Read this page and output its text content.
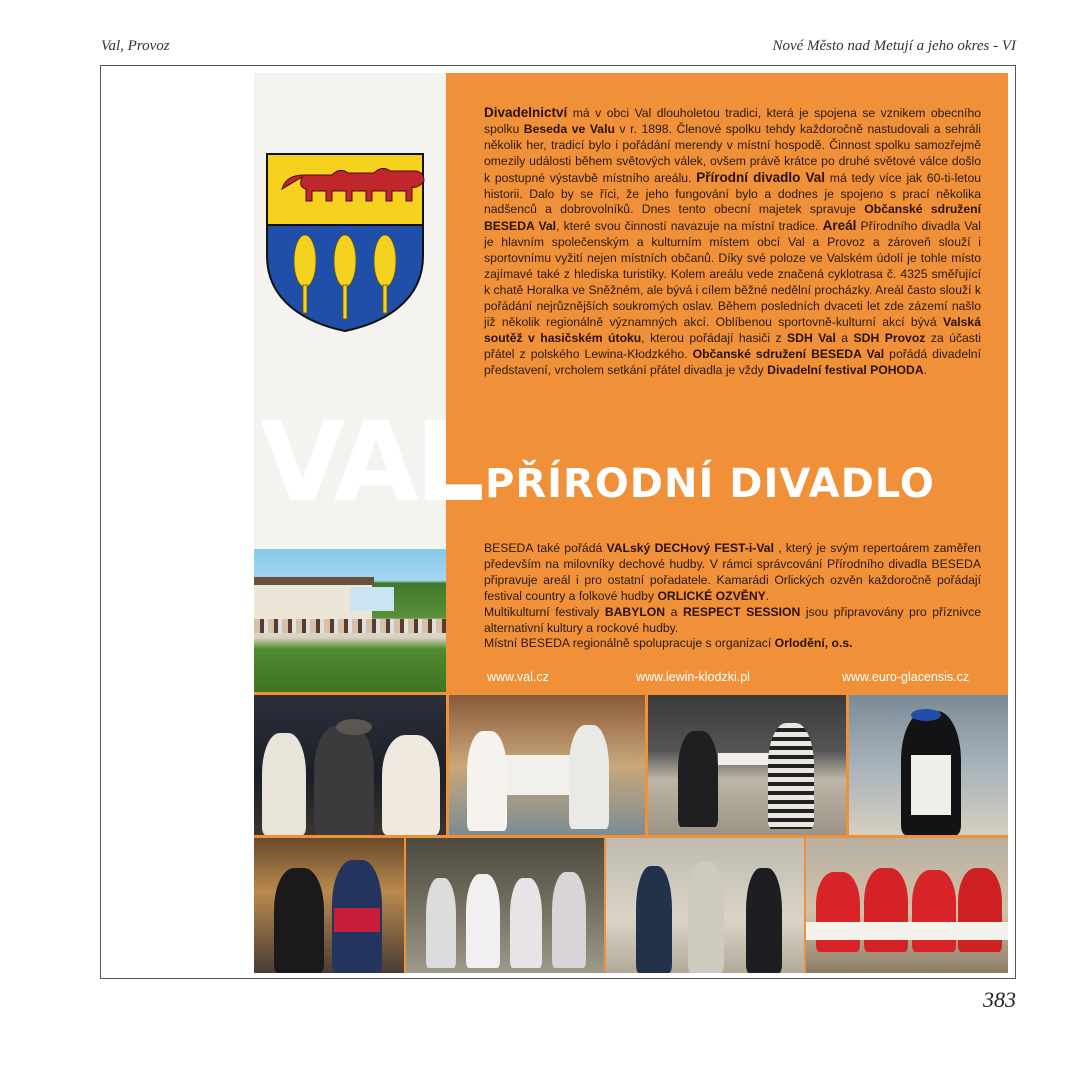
Val, Provoz	Nové Město nad Metují a jeho okres - VI

Divadelnictví má v obci Val dlouholetou tradici, která je spojena se vznikem obecního spolku Beseda ve Valu v r. 1898. Členové spolku tehdy každoročně nastudovali a sehráli několik her, tradicí bylo i pořádání merendy v místní hospodě. Činnost spolku samozřejmě omezily události během světových válek, ovšem právě krátce po druhé světové válce došlo k postupné výstavbě místního areálu. Přírodní divadlo Val má tedy více jak 60-ti-letou historii. Dalo by se říci, že jeho fungování bylo a dodnes je spojeno s prací několika nadšenců a dobrovolníků. Dnes tento obecní majetek spravuje Občanské sdružení BESEDA Val, které svou činností navazuje na místní tradice. Areál Přírodního divadla Val je hlavním společenským a kulturním místem obcí Val a Provoz a zároveň slouží i sportovnímu vyžití nejen místních občanů. Díky své poloze ve Valském údolí je tohle místo zajímavé také z hlediska turistiky. Kolem areálu vede značená cyklotrasa č. 4325 směřující k chatě Horalka ve Sněžném, ale bývá i cílem běžné nedělní procházky. Areál často slouží k pořádání nejrůznějších soukromých oslav. Během posledních dvaceti let zde zázemí našlo již několik regionálně významných akcí. Oblíbenou sportovně-kulturní akcí bývá Valská soutěž v hasičském útoku, kterou pořádají hasiči z SDH Val a SDH Provoz za účasti přátel z polského Lewina-Kłodzkého. Občanské sdružení BESEDA Val pořádá divadelní představení, vrcholem setkání přátel divadla je vždy Divadelní festival POHODA.

VAL PŘÍRODNÍ DIVADLO

BESEDA také pořádá VALský DECHový FEST-i-Val , který je svým repertoárem zaměřen především na milovníky dechové hudby. V rámci správcování Přírodního divadla BESEDA připravuje areál i pro ostatní pořadatele. Kamarádi Orlických ozvěn každoročně pořádají festival country a folkové hudby ORLICKÉ OZVĚNY.
Multikulturní festivaly BABYLON a RESPECT SESSION jsou připravovány pro příznivce alternativní kultury a rockové hudby.
Místní BESEDA regionálně spolupracuje s organizací Orlodění, o.s.

www.val.cz	www.lewin-klodzki.pl	www.euro-glacensis.cz
383
